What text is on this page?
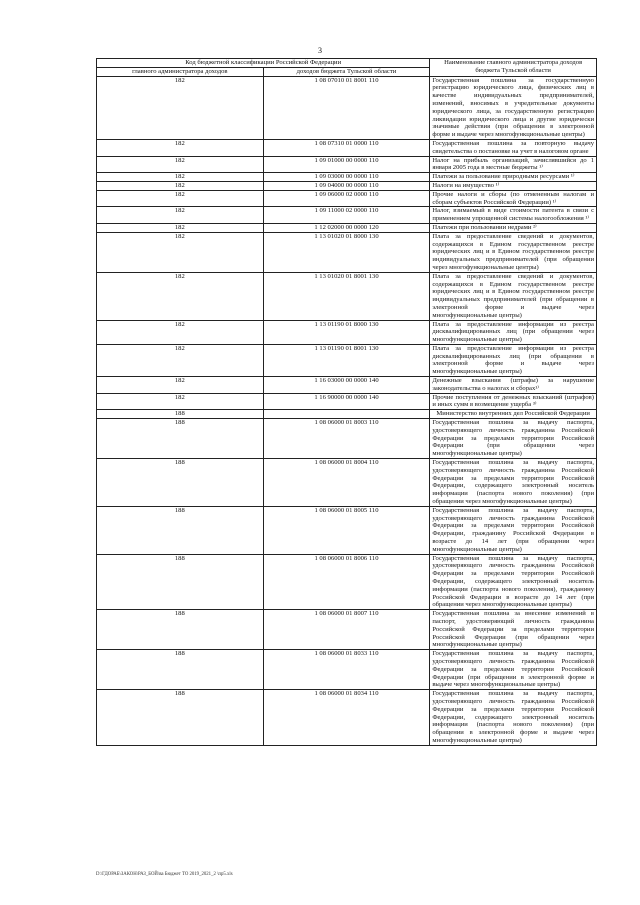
3
Код бюджетной классификации Российской Федерации		Наименование главного администратора доходов бюджета Тульской области
главного администратора доходов	доходов бюджета Тульской области	
182	1 08 07010 01 8001 110	Государственная пошлина за государственную регистрацию юридического лица, физических лиц в качестве индивидуальных предпринимателей, изменений, вносимых в учредительные документы юридического лица, за государственную регистрацию ликвидации юридического лица и другие юридически значимые действия (при обращении в электронной форме и выдаче через многофункциональные центры)
182	1 08 07310 01 0000 110	Государственная пошлина за повторную выдачу свидетельства о постановке на учет в налоговом органе
182	1 09 01000 00 0000 110	Налог на прибыль организаций, зачислявшийся до 1 января 2005 года в местные бюджеты ¹⁾
182	1 09 03000 00 0000 110	Платежи за пользование природными ресурсами ¹⁾
182	1 09 04000 00 0000 110	Налоги на имущество ¹⁾
182	1 09 06000 02 0000 110	Прочие налоги и сборы (по отмененным налогам и сборам субъектов Российской Федерации) ¹⁾
182	1 09 11000 02 0000 110	Налог, взимаемый в виде стоимости патента в связи с применением упрощенной системы налогообложения ¹⁾
182	1 12 02000 00 0000 120	Платежи при пользовании недрами ²⁾
182	1 13 01020 01 8000 130	Плата за предоставление сведений и документов, содержащихся в Едином государственном реестре юридических лиц и в Едином государственном реестре индивидуальных предпринимателей (при обращении через многофункциональные центры)
182	1 13 01020 01 8001 130	Плата за предоставление сведений и документов, содержащихся в Едином государственном реестре юридических лиц и в Едином государственном реестре индивидуальных предпринимателей (при обращении в электронной форме и выдаче через многофункциональные центры)
182	1 13 01190 01 8000 130	Плата за предоставление информации из реестра дисквалифицированных лиц (при обращении через многофункциональные центры)
182	1 13 01190 01 8001 130	Плата за предоставление информации из реестра дисквалифицированных лиц (при обращении в электронной форме и выдаче через многофункциональные центры)
182	1 16 03000 00 0000 140	Денежные взыскания (штрафы) за нарушение законодательства о налогах и сборах¹⁾
182	1 16 90000 00 0000 140	Прочие поступления от денежных взысканий (штрафов) и иных сумм в возмещение ущерба ³⁾
188		Министерство внутренних дел Российской Федерации
188	1 08 06000 01 8003 110	Государственная пошлина за выдачу паспорта, удостоверяющего личность гражданина Российской Федерации за пределами территории Российской Федерации (при обращении через многофункциональные центры)
188	1 08 06000 01 8004 110	Государственная пошлина за выдачу паспорта, удостоверяющего личность гражданина Российской Федерации за пределами территории Российской Федерации, содержащего электронный носитель информации (паспорта нового поколения) (при обращении через многофункциональные центры)
188	1 08 06000 01 8005 110	Государственная пошлина за выдачу паспорта, удостоверяющего личность гражданина Российской Федерации за пределами территории Российской Федерации, гражданину Российской Федерации в возрасте до 14 лет (при обращении через многофункциональные центры)
188	1 08 06000 01 8006 110	Государственная пошлина за выдачу паспорта, удостоверяющего личность гражданина Российской Федерации за пределами территории Российской Федерации, содержащего электронный носитель информации (паспорта нового поколения), гражданину Российской Федерации в возрасте до 14 лет (при обращении через многофункциональные центры)
188	1 08 06000 01 8007 110	Государственная пошлина за внесение изменений в паспорт, удостоверяющий личность гражданина Российской Федерации за пределами территории Российской Федерации (при обращении через многофункциональные центры)
188	1 08 06000 01 8033 110	Государственная пошлина за выдачу паспорта, удостоверяющего личность гражданина Российской Федерации за пределами территории Российской Федерации (при обращении в электронной форме и выдаче через многофункциональные центры)
188	1 08 06000 01 8034 110	Государственная пошлина за выдачу паспорта, удостоверяющего личность гражданина Российской Федерации за пределами территории Российской Федерации, содержащего электронный носитель информации (паспорта нового поколения) (при обращении в электронной форме и выдаче через многофункциональные центры)
D:\ГДОРАБ\ЗАКОН\РАЗ_БОЙ\ва Бюджет ТО 2019_2021_2 \пр5.xls
